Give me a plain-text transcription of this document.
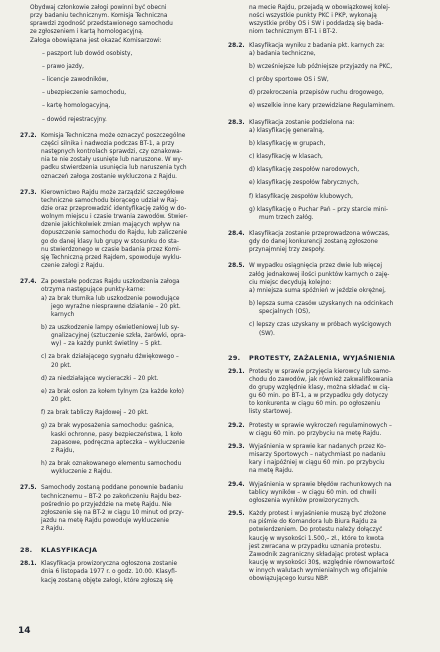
Obydwaj członkowie załogi powinni być obecni

przy badaniu technicznym. Komisja Techniczna

sprawdzi zgodność przedstawionego samochodu

ze zgłoszeniem i kartą homologacyjną.

Załoga obowiązana jest okazać Komisarzowi:

– paszport lub dowód osobisty,

– prawo jazdy,

– licencje zawodników,

– ubezpieczenie samochodu,

– kartę homologacyjną,

– dowód rejestracyjny.

27.2. Komisja Techniczna może oznaczyć poszczególne

części silnika i nadwozia podczas BT-1, a przy

następnych kontrolach sprawdzi, czy oznakowa-

nia te nie zostały usunięte lub naruszone. W wy-

padku stwierdzenia usunięcia lub naruszenia tych

oznaczeń załoga zostanie wykluczona z Rajdu.

27.3. Kierownictwo Rajdu może zarządzić szczegółowe

techniczne samochodu biorącego udział w Raj-

dzie oraz przeprowadzić identyfikację załóg w do-

wolnym miejscu i czasie trwania zawodów. Stwier-

dzenie jakichkolwiek zmian mających wpływ na

dopuszczenie samochodu do Rajdu, lub zaliczenie

go do danej klasy lub grupy w stosunku do sta-

nu stwierdzonego w czasie badania przez Komi-

sję Techniczną przed Rajdem, spowoduje wyklu-

czenie załogi z Rajdu.

27.4. Za powstałe podczas Rajdu uszkodzenia załoga

otrzyma następujące punkty-karne:

a) za brak tłumika lub uszkodzenie powodujące

jego wyraźne niesprawne działanie – 20 pkt.

karnych

b) za uszkodzenie lampy oświetleniowej lub sy-

gnalizacyjnej (sztuczenie szkła, żarówki, opra-

wy) – za każdy punkt świetlny – 5 pkt.

c) za brak działającego sygnału dźwiękowego –

20 pkt.

d) za niedziałające wycieraczki – 20 pkt.

e) za brak osłon za kołem tylnym (za każde koło)

20 pkt.

f) za brak tabliczy Rajdowej – 20 pkt.

g) za brak wyposażenia samochodu: gaśnica,

kaski ochronne, pasy bezpieczeństwa, 1 koło

zapasowe, podręczna apteczka – wykluczenie

z Rajdu,

h) za brak oznakowanego elementu samochodu

wykluczenie z Rajdu.

27.5. Samochody zostaną poddane ponownie badaniu

technicznemu – BT-2 po zakończeniu Rajdu bez-

pośrednio po przyjeździe na metę Rajdu. Nie

zgłoszenie się na BT-2 w ciągu 10 minut od przy-

jazdu na metę Rajdu powoduje wykluczenie

z Rajdu.

28.	KLASYFIKACJA
28.1. Klasyfikacja prowizoryczna ogłoszona zostanie

dnia 6 listopada 1977 r. o godz. 10.00. Klasyfi-

kację zostaną objęte załogi, które zgłoszą się

na mecie Rajdu, przejadą w obowiązkowej kolej-

ności wszystkie punkty PKC i PKP, wykonają

wszystkie próby OS i SW i poddadzą się bada-

niom technicznym BT-1 i BT-2.

28.2. Klasyfikacja wyniku z badania pkt. karnych za:

a) badania techniczne,

b) wcześniejsze lub późniejsze przyjazdy na PKC,

c) próby sportowe OS i SW,

d) przekroczenia przepisów ruchu drogowego,

e) wszelkie inne kary przewidziane Regulaminem.

28.3. Klasyfikacja zostanie podzielona na:

a) klasyfikację generalną,

b) klasyfikację w grupach,

c) klasyfikację w klasach,

d) klasyfikację zespołów narodowych,

e) klasyfikację zespołów fabrycznych,

f) klasyfikację zespołów klubowych,

g) klasyfikację o Puchar Pań – przy starcie mini-

mum trzech załóg.

28.4. Klasyfikacja zostanie przeprowadzona wówczas,

gdy do danej konkurencji zostaną zgłoszone

przynajmniej trzy zespoły.

28.5. W wypadku osiągnięcia przez dwie lub więcej

załóg jednakowej ilości punktów karnych o zaję-

ciu miejsc decydują kolejno:

a) mniejsza suma spóźnień w jeździe okrężnej,

b) lepsza suma czasów uzyskanych na odcinkach

specjalnych (OS),

c) lepszy czas uzyskany w próbach wyścigowych

(SW).

29.	PROTESTY, ZAŻALENIA, WYJAŚNIENIA
29.1. Protesty w sprawie przyjęcia kierowcy lub samo-

chodu do zawodów, jak również zakwalifikowania

do grupy względnie klasy, można składać w cią-

gu 60 min. po BT-1, a w przypadku gdy dotyczy

to konkurenta w ciągu 60 min. po ogłoszeniu

listy startowej.

29.2. Protesty w sprawie wykroczeń regulaminowych –

w ciągu 60 min. po przybyciu na metę Rajdu.

29.3. Wyjaśnienia w sprawie kar nadanych przez Ko-

misarzy Sportowych – natychmiast po nadaniu

kary i najpóźniej w ciągu 60 min. po przybyciu

na metę Rajdu.

29.4. Wyjaśnienia w sprawie błędów rachunkowych na

tablicy wyników – w ciągu 60 min. od chwili

ogłoszenia wyników prowizorycznych.

29.5. Każdy protest i wyjaśnienie muszą być złożone

na piśmie do Komandora lub Biura Rajdu za

potwierdzeniem. Do protestu należy dołączyć

kaucję w wysokości 1.500,– zł., które to kwota

jest zwracana w przypadku uznania protestu.

Zawodnik zagraniczny składając protest wpłaca

kaucję w wysokości 30$, względnie równowartość

w innych walutach wymienialnych wg oficjalnie

obowiązującego kursu NBP.

14
